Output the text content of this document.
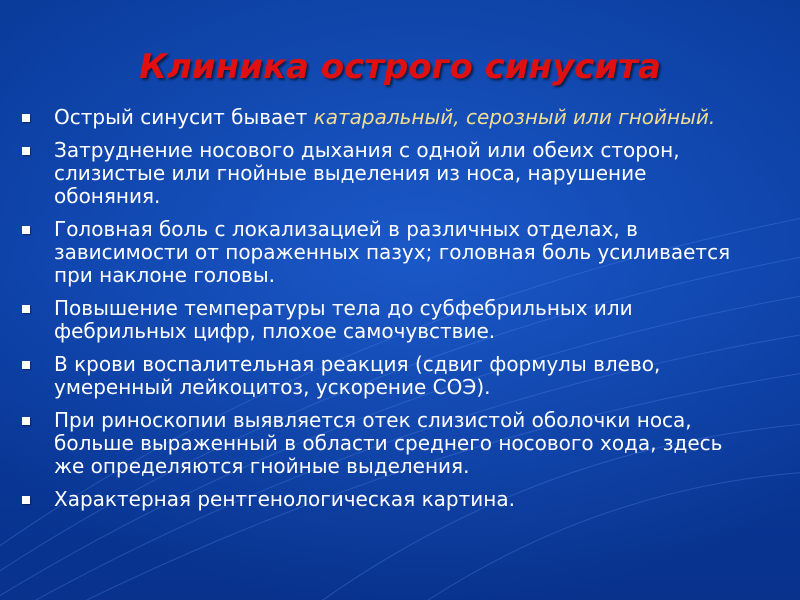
Клиника острого синусита
Острый синусит бывает катаральный, серозный или гнойный.
Затруднение носового дыхания с одной или обеих сторон, слизистые или гнойные выделения из носа, нарушение обоняния.
Головная боль с локализацией в различных отделах, в зависимости от пораженных пазух; головная боль усиливается при наклоне головы.
Повышение температуры тела до субфебрильных или фебрильных цифр, плохое самочувствие.
В крови воспалительная реакция (сдвиг формулы влево, умеренный лейкоцитоз, ускорение СОЭ).
При риноскопии выявляется отек слизистой оболочки носа, больше выраженный в области среднего носового хода, здесь же определяются гнойные выделения.
Характерная рентгенологическая картина.
